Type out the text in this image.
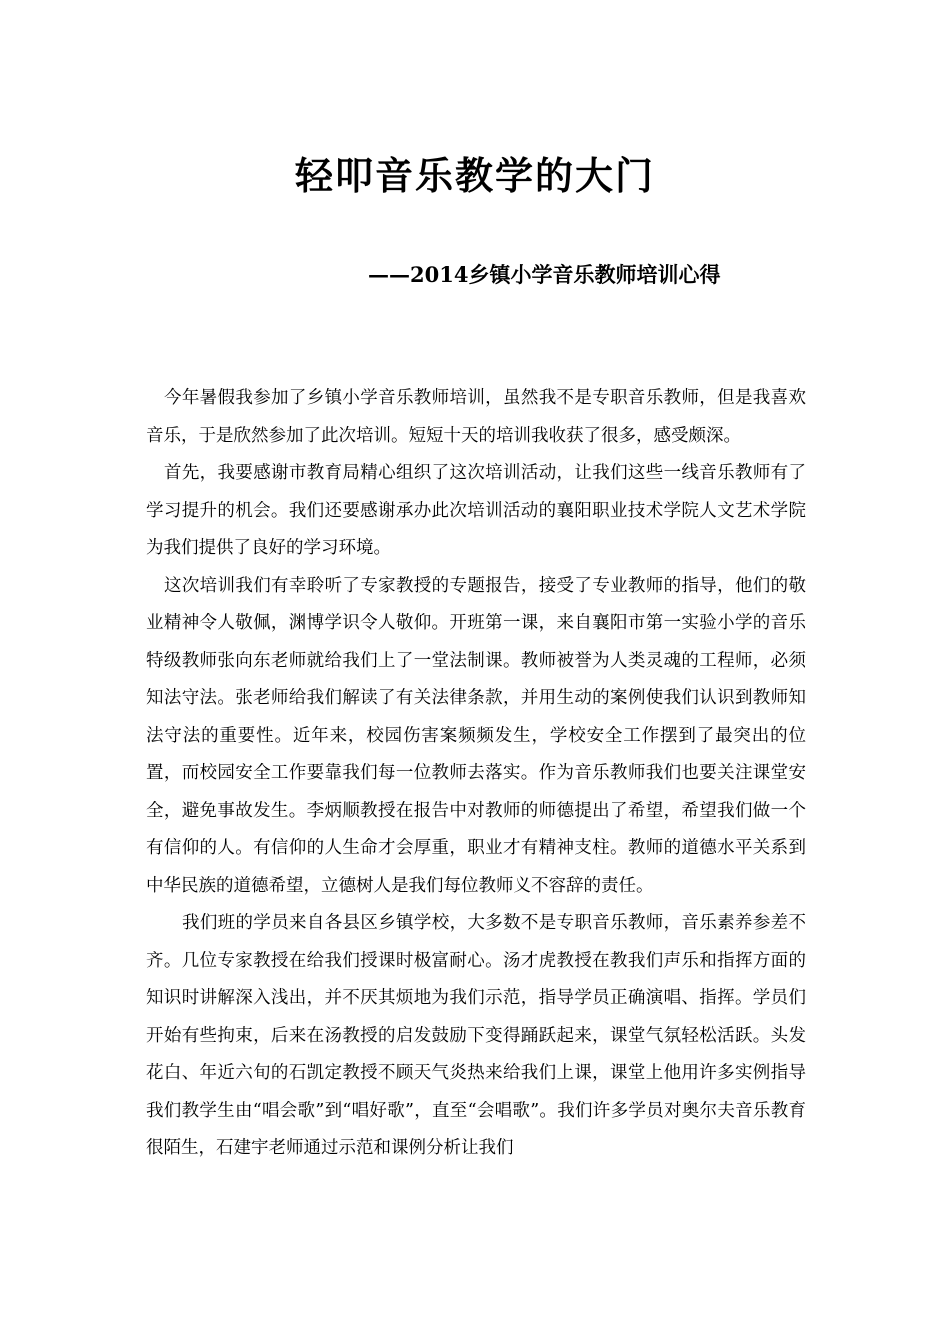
轻叩音乐教学的大门
——2014乡镇小学音乐教师培训心得

今年暑假我参加了乡镇小学音乐教师培训，虽然我不是专职音乐教师，但是我喜欢音乐，于是欣然参加了此次培训。短短十天的培训我收获了很多，感受颇深。

首先，我要感谢市教育局精心组织了这次培训活动，让我们这些一线音乐教师有了学习提升的机会。我们还要感谢承办此次培训活动的襄阳职业技术学院人文艺术学院为我们提供了良好的学习环境。

这次培训我们有幸聆听了专家教授的专题报告，接受了专业教师的指导，他们的敬业精神令人敬佩，渊博学识令人敬仰。开班第一课，来自襄阳市第一实验小学的音乐特级教师张向东老师就给我们上了一堂法制课。教师被誉为人类灵魂的工程师，必须知法守法。张老师给我们解读了有关法律条款，并用生动的案例使我们认识到教师知法守法的重要性。近年来，校园伤害案频频发生，学校安全工作摆到了最突出的位置，而校园安全工作要靠我们每一位教师去落实。作为音乐教师我们也要关注课堂安全，避免事故发生。李炳顺教授在报告中对教师的师德提出了希望，希望我们做一个有信仰的人。有信仰的人生命才会厚重，职业才有精神支柱。教师的道德水平关系到中华民族的道德希望，立德树人是我们每位教师义不容辞的责任。

我们班的学员来自各县区乡镇学校，大多数不是专职音乐教师，音乐素养参差不齐。几位专家教授在给我们授课时极富耐心。汤才虎教授在教我们声乐和指挥方面的知识时讲解深入浅出，并不厌其烦地为我们示范，指导学员正确演唱、指挥。学员们开始有些拘束，后来在汤教授的启发鼓励下变得踊跃起来，课堂气氛轻松活跃。头发花白、年近六旬的石凯定教授不顾天气炎热来给我们上课，课堂上他用许多实例指导我们教学生由“唱会歌”到“唱好歌”，直至“会唱歌”。我们许多学员对奥尔夫音乐教育很陌生，石建宇老师通过示范和课例分析让我们
